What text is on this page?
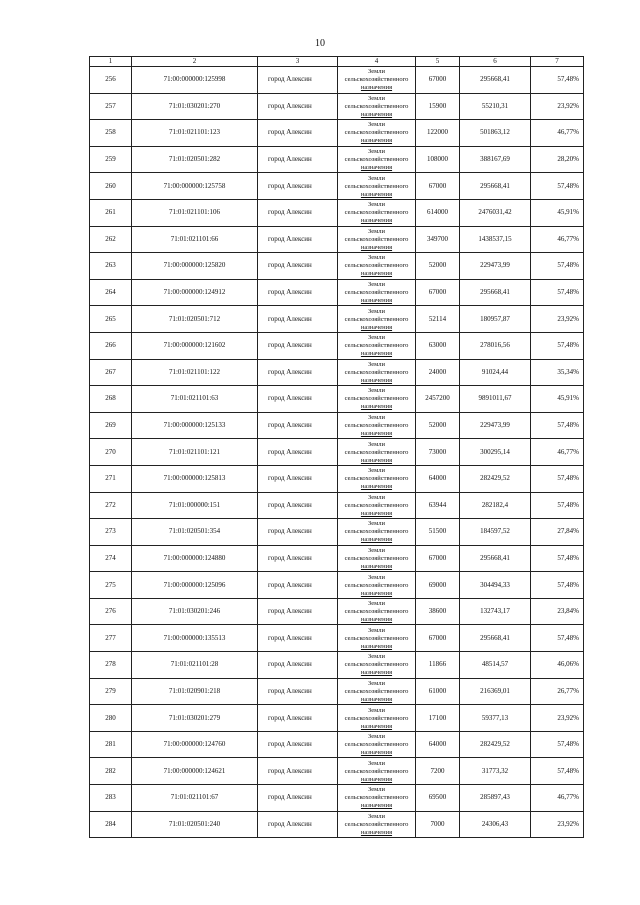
10
1	2	3	4	5	6	7
256	71:00:000000:125998	город Алексин	Земли
сельскохозяйственного
назначения	67000	295668,41	57,48%
257	71:01:030201:270	город Алексин	Земли
сельскохозяйственного
назначения	15900	55210,31	23,92%
258	71:01:021101:123	город Алексин	Земли
сельскохозяйственного
назначения	122000	501863,12	46,77%
259	71:01:020501:282	город Алексин	Земли
сельскохозяйственного
назначения	108000	388167,69	28,20%
260	71:00:000000:125758	город Алексин	Земли
сельскохозяйственного
назначения	67000	295668,41	57,48%
261	71:01:021101:106	город Алексин	Земли
сельскохозяйственного
назначения	614000	2476031,42	45,91%
262	71:01:021101:66	город Алексин	Земли
сельскохозяйственного
назначения	349700	1438537,15	46,77%
263	71:00:000000:125820	город Алексин	Земли
сельскохозяйственного
назначения	52000	229473,99	57,48%
264	71:00:000000:124912	город Алексин	Земли
сельскохозяйственного
назначения	67000	295668,41	57,48%
265	71:01:020501:712	город Алексин	Земли
сельскохозяйственного
назначения	52114	180957,87	23,92%
266	71:00:000000:121602	город Алексин	Земли
сельскохозяйственного
назначения	63000	278016,56	57,48%
267	71:01:021101:122	город Алексин	Земли
сельскохозяйственного
назначения	24000	91024,44	35,34%
268	71:01:021101:63	город Алексин	Земли
сельскохозяйственного
назначения	2457200	9891011,67	45,91%
269	71:00:000000:125133	город Алексин	Земли
сельскохозяйственного
назначения	52000	229473,99	57,48%
270	71:01:021101:121	город Алексин	Земли
сельскохозяйственного
назначения	73000	300295,14	46,77%
271	71:00:000000:125813	город Алексин	Земли
сельскохозяйственного
назначения	64000	282429,52	57,48%
272	71:01:000000:151	город Алексин	Земли
сельскохозяйственного
назначения	63944	282182,4	57,48%
273	71:01:020501:354	город Алексин	Земли
сельскохозяйственного
назначения	51500	184597,52	27,84%
274	71:00:000000:124880	город Алексин	Земли
сельскохозяйственного
назначения	67000	295668,41	57,48%
275	71:00:000000:125096	город Алексин	Земли
сельскохозяйственного
назначения	69000	304494,33	57,48%
276	71:01:030201:246	город Алексин	Земли
сельскохозяйственного
назначения	38600	132743,17	23,84%
277	71:00:000000:135513	город Алексин	Земли
сельскохозяйственного
назначения	67000	295668,41	57,48%
278	71:01:021101:28	город Алексин	Земли
сельскохозяйственного
назначения	11866	48514,57	46,06%
279	71:01:020901:218	город Алексин	Земли
сельскохозяйственного
назначения	61000	216369,01	26,77%
280	71:01:030201:279	город Алексин	Земли
сельскохозяйственного
назначения	17100	59377,13	23,92%
281	71:00:000000:124760	город Алексин	Земли
сельскохозяйственного
назначения	64000	282429,52	57,48%
282	71:00:000000:124621	город Алексин	Земли
сельскохозяйственного
назначения	7200	31773,32	57,48%
283	71:01:021101:67	город Алексин	Земли
сельскохозяйственного
назначения	69500	285897,43	46,77%
284	71:01:020501:240	город Алексин	Земли
сельскохозяйственного
назначения	7000	24306,43	23,92%
